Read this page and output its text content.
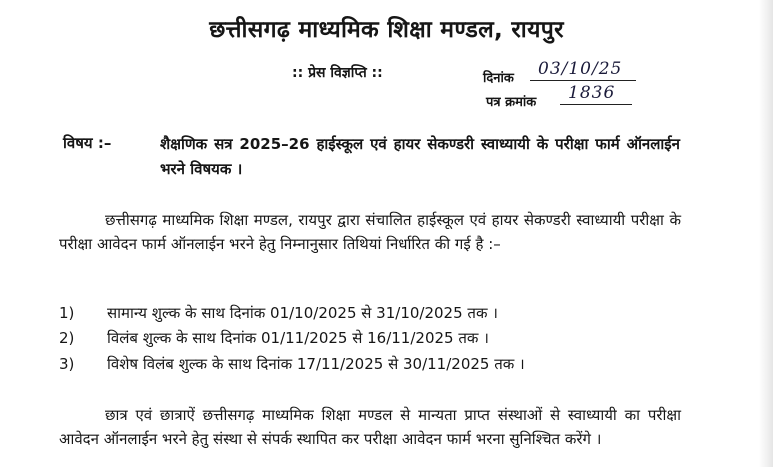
छत्तीसगढ़ माध्यमिक शिक्षा मण्डल, रायपुर
:: प्रेस विज्ञप्ति ::	दिनांक 03/10/25
पत्र क्रमांक 1836
विषय :–	शैक्षणिक सत्र 2025–26 हाईस्कूल एवं हायर सेकण्डरी स्वाध्यायी के परीक्षा फार्म ऑनलाईन भरने विषयक ।
छत्तीसगढ़ माध्यमिक शिक्षा मण्डल, रायपुर द्वारा संचालित हाईस्कूल एवं हायर सेकण्डरी स्वाध्यायी परीक्षा के परीक्षा आवेदन फार्म ऑनलाईन भरने हेतु निम्नानुसार तिथियां निर्धारित की गई है :–
1) सामान्य शुल्क के साथ दिनांक 01/10/2025 से 31/10/2025 तक ।
2) विलंब शुल्क के साथ दिनांक 01/11/2025 से 16/11/2025 तक ।
3) विशेष विलंब शुल्क के साथ दिनांक 17/11/2025 से 30/11/2025 तक ।
छात्र एवं छात्राऐं छत्तीसगढ़ माध्यमिक शिक्षा मण्डल से मान्यता प्राप्त संस्थाओं से स्वाध्यायी का परीक्षा आवेदन ऑनलाईन भरने हेतु संस्था से संपर्क स्थापित कर परीक्षा आवेदन फार्म भरना सुनिश्चित करेंगे ।
